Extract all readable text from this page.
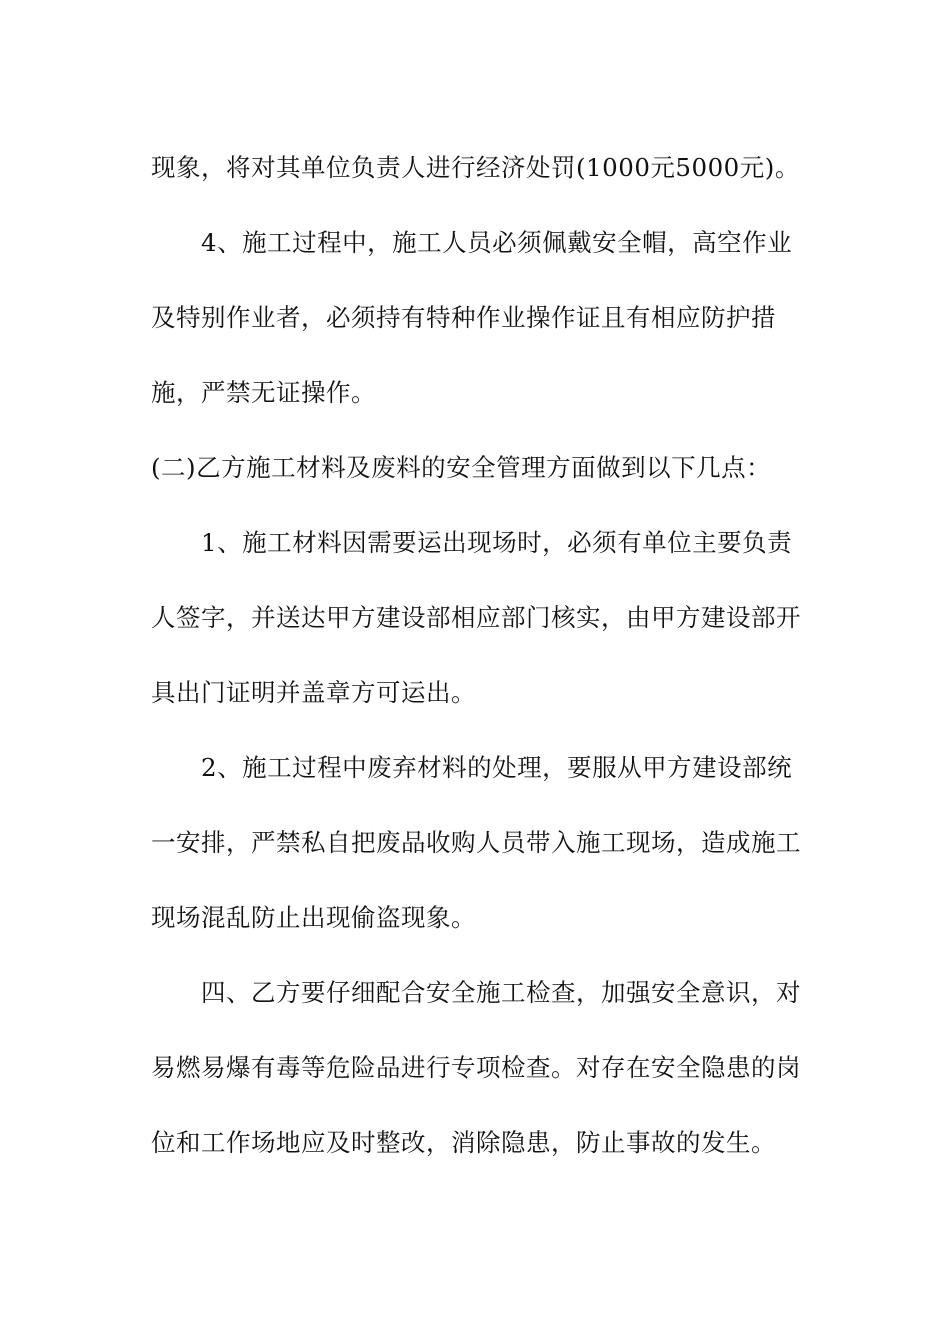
现象，将对其单位负责人进行经济处罚(1000元5000元)。

4、施工过程中，施工人员必须佩戴安全帽，高空作业及特别作业者，必须持有特种作业操作证且有相应防护措施，严禁无证操作。

(二)乙方施工材料及废料的安全管理方面做到以下几点：

1、施工材料因需要运出现场时，必须有单位主要负责人签字，并送达甲方建设部相应部门核实，由甲方建设部开具出门证明并盖章方可运出。

2、施工过程中废弃材料的处理，要服从甲方建设部统一安排，严禁私自把废品收购人员带入施工现场，造成施工现场混乱防止出现偷盗现象。

四、乙方要仔细配合安全施工检查，加强安全意识，对易燃易爆有毒等危险品进行专项检查。对存在安全隐患的岗位和工作场地应及时整改，消除隐患，防止事故的发生。
